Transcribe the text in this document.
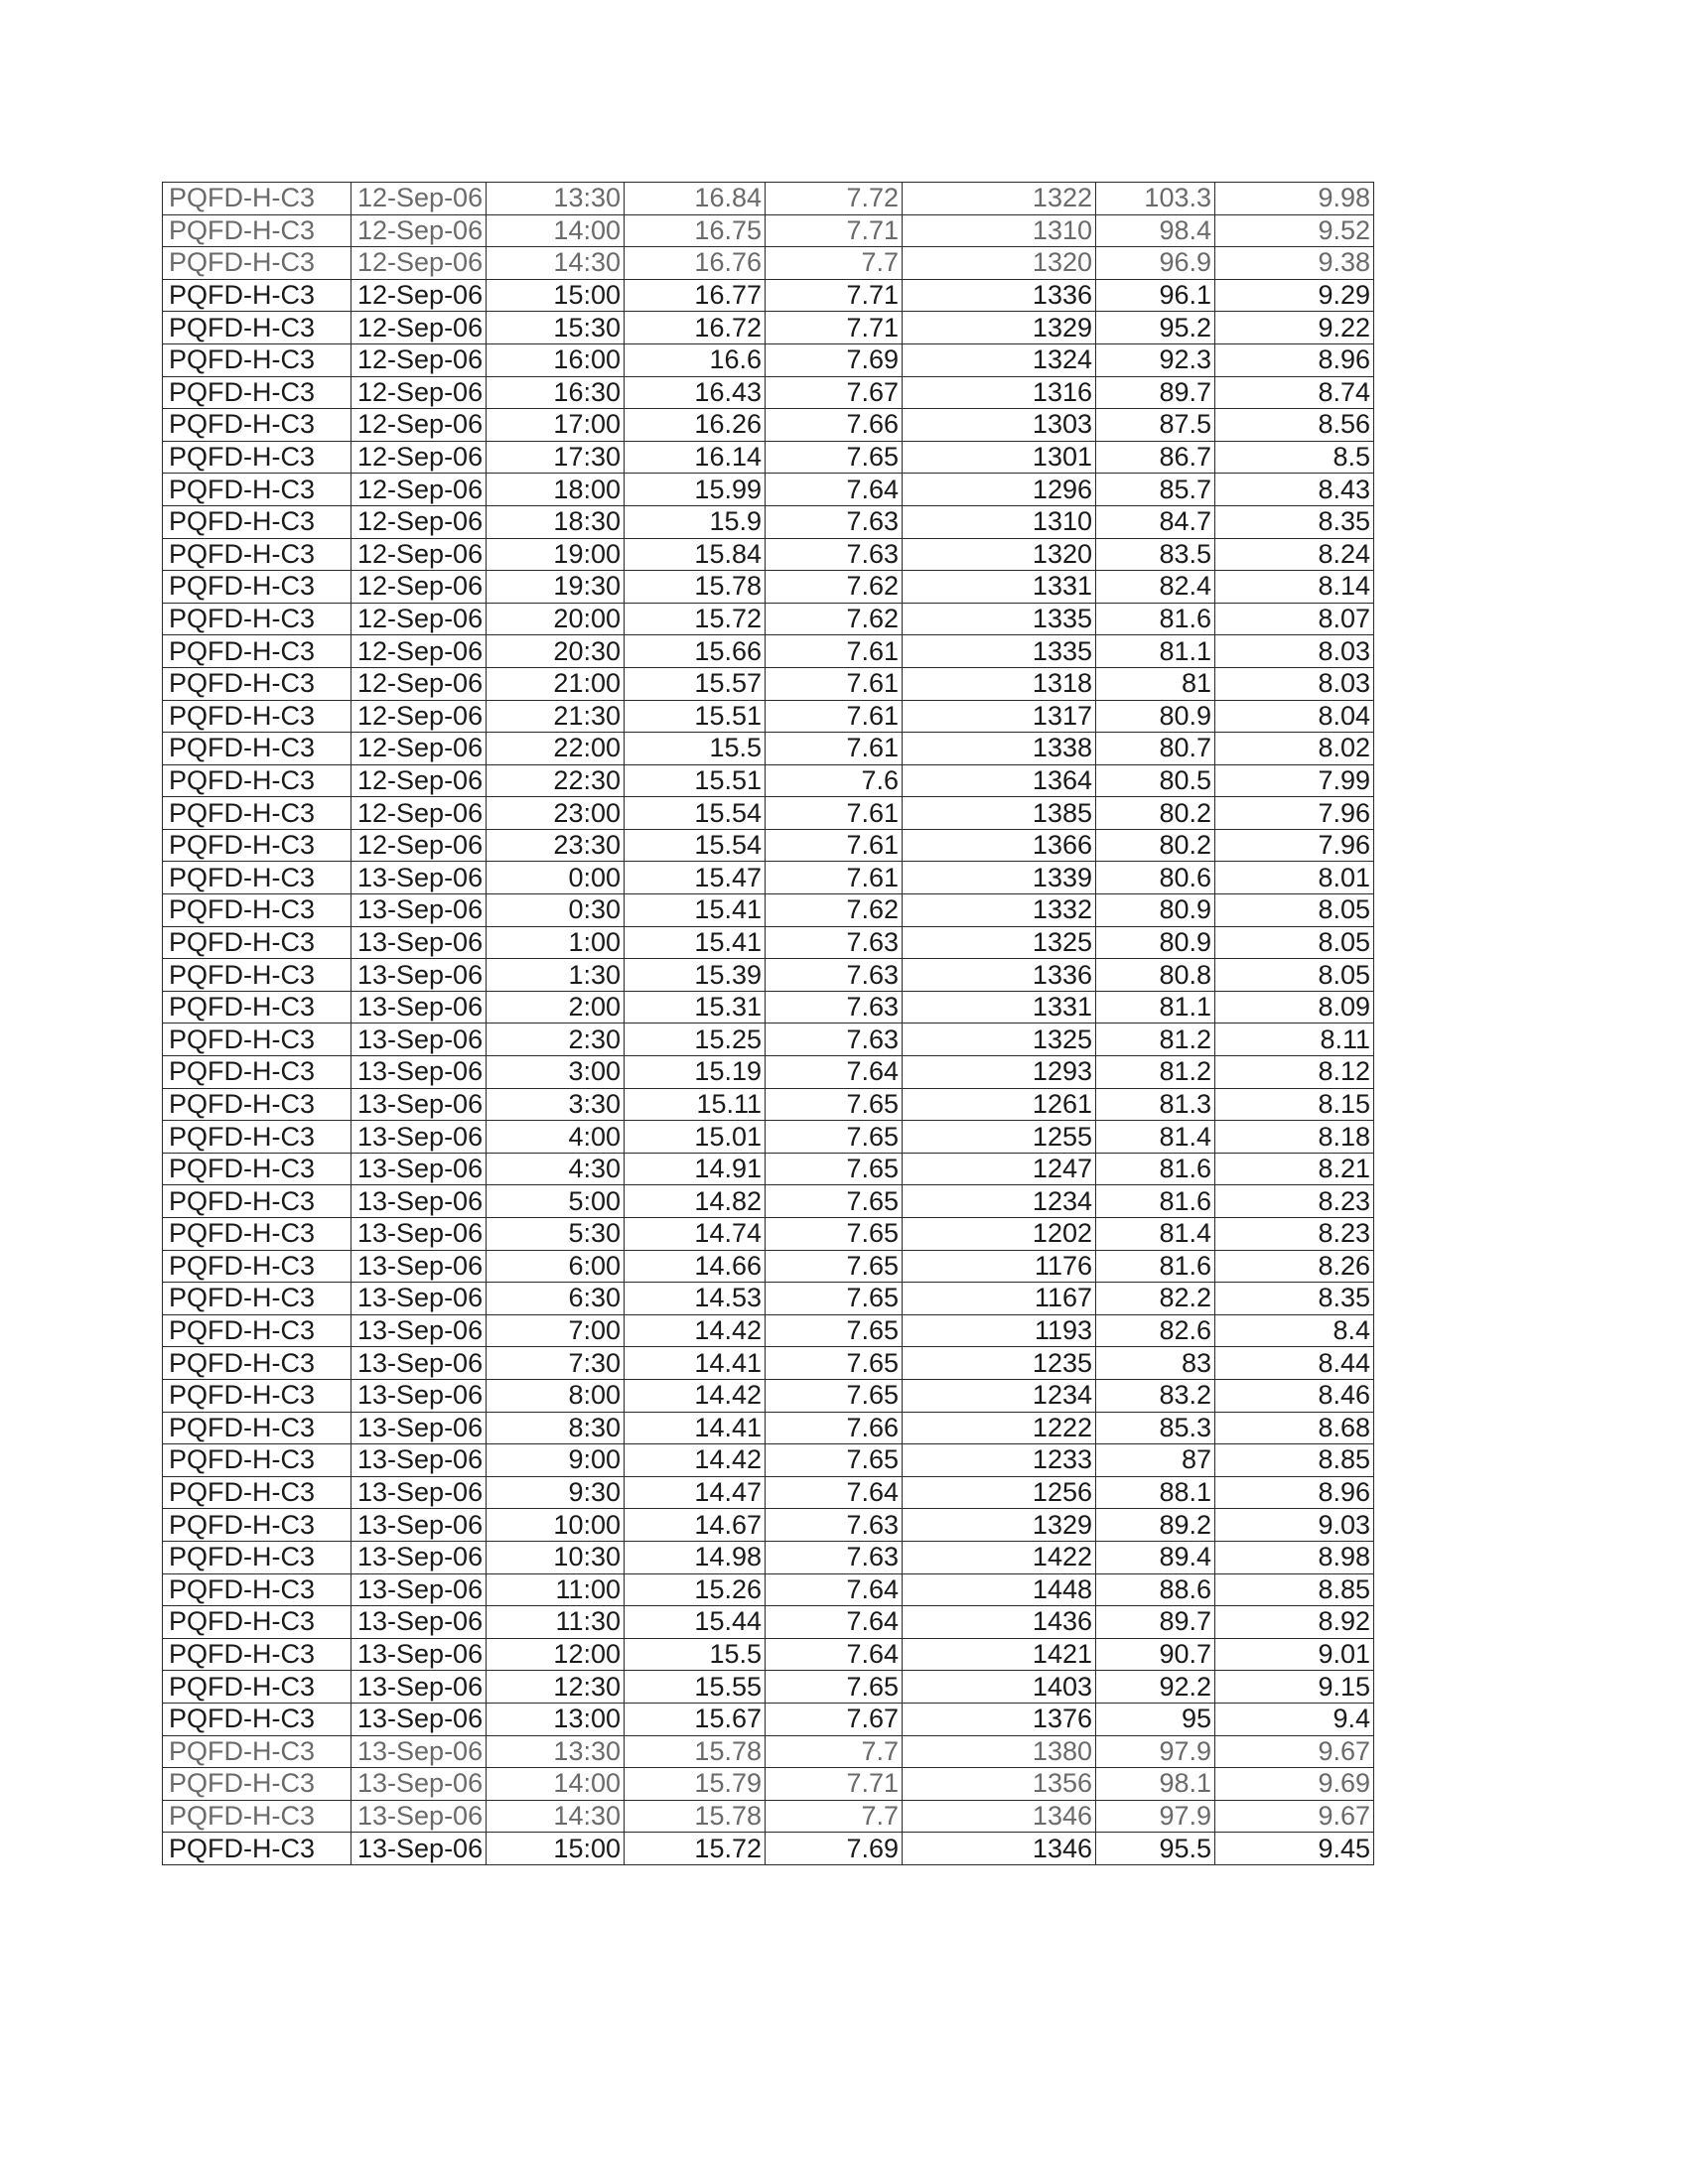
PQFD-H-C3	12-Sep-06	13:30	16.84	7.72	1322	103.3	9.98
PQFD-H-C3	12-Sep-06	14:00	16.75	7.71	1310	98.4	9.52
PQFD-H-C3	12-Sep-06	14:30	16.76	7.7	1320	96.9	9.38
PQFD-H-C3	12-Sep-06	15:00	16.77	7.71	1336	96.1	9.29
PQFD-H-C3	12-Sep-06	15:30	16.72	7.71	1329	95.2	9.22
PQFD-H-C3	12-Sep-06	16:00	16.6	7.69	1324	92.3	8.96
PQFD-H-C3	12-Sep-06	16:30	16.43	7.67	1316	89.7	8.74
PQFD-H-C3	12-Sep-06	17:00	16.26	7.66	1303	87.5	8.56
PQFD-H-C3	12-Sep-06	17:30	16.14	7.65	1301	86.7	8.5
PQFD-H-C3	12-Sep-06	18:00	15.99	7.64	1296	85.7	8.43
PQFD-H-C3	12-Sep-06	18:30	15.9	7.63	1310	84.7	8.35
PQFD-H-C3	12-Sep-06	19:00	15.84	7.63	1320	83.5	8.24
PQFD-H-C3	12-Sep-06	19:30	15.78	7.62	1331	82.4	8.14
PQFD-H-C3	12-Sep-06	20:00	15.72	7.62	1335	81.6	8.07
PQFD-H-C3	12-Sep-06	20:30	15.66	7.61	1335	81.1	8.03
PQFD-H-C3	12-Sep-06	21:00	15.57	7.61	1318	81	8.03
PQFD-H-C3	12-Sep-06	21:30	15.51	7.61	1317	80.9	8.04
PQFD-H-C3	12-Sep-06	22:00	15.5	7.61	1338	80.7	8.02
PQFD-H-C3	12-Sep-06	22:30	15.51	7.6	1364	80.5	7.99
PQFD-H-C3	12-Sep-06	23:00	15.54	7.61	1385	80.2	7.96
PQFD-H-C3	12-Sep-06	23:30	15.54	7.61	1366	80.2	7.96
PQFD-H-C3	13-Sep-06	0:00	15.47	7.61	1339	80.6	8.01
PQFD-H-C3	13-Sep-06	0:30	15.41	7.62	1332	80.9	8.05
PQFD-H-C3	13-Sep-06	1:00	15.41	7.63	1325	80.9	8.05
PQFD-H-C3	13-Sep-06	1:30	15.39	7.63	1336	80.8	8.05
PQFD-H-C3	13-Sep-06	2:00	15.31	7.63	1331	81.1	8.09
PQFD-H-C3	13-Sep-06	2:30	15.25	7.63	1325	81.2	8.11
PQFD-H-C3	13-Sep-06	3:00	15.19	7.64	1293	81.2	8.12
PQFD-H-C3	13-Sep-06	3:30	15.11	7.65	1261	81.3	8.15
PQFD-H-C3	13-Sep-06	4:00	15.01	7.65	1255	81.4	8.18
PQFD-H-C3	13-Sep-06	4:30	14.91	7.65	1247	81.6	8.21
PQFD-H-C3	13-Sep-06	5:00	14.82	7.65	1234	81.6	8.23
PQFD-H-C3	13-Sep-06	5:30	14.74	7.65	1202	81.4	8.23
PQFD-H-C3	13-Sep-06	6:00	14.66	7.65	1176	81.6	8.26
PQFD-H-C3	13-Sep-06	6:30	14.53	7.65	1167	82.2	8.35
PQFD-H-C3	13-Sep-06	7:00	14.42	7.65	1193	82.6	8.4
PQFD-H-C3	13-Sep-06	7:30	14.41	7.65	1235	83	8.44
PQFD-H-C3	13-Sep-06	8:00	14.42	7.65	1234	83.2	8.46
PQFD-H-C3	13-Sep-06	8:30	14.41	7.66	1222	85.3	8.68
PQFD-H-C3	13-Sep-06	9:00	14.42	7.65	1233	87	8.85
PQFD-H-C3	13-Sep-06	9:30	14.47	7.64	1256	88.1	8.96
PQFD-H-C3	13-Sep-06	10:00	14.67	7.63	1329	89.2	9.03
PQFD-H-C3	13-Sep-06	10:30	14.98	7.63	1422	89.4	8.98
PQFD-H-C3	13-Sep-06	11:00	15.26	7.64	1448	88.6	8.85
PQFD-H-C3	13-Sep-06	11:30	15.44	7.64	1436	89.7	8.92
PQFD-H-C3	13-Sep-06	12:00	15.5	7.64	1421	90.7	9.01
PQFD-H-C3	13-Sep-06	12:30	15.55	7.65	1403	92.2	9.15
PQFD-H-C3	13-Sep-06	13:00	15.67	7.67	1376	95	9.4
PQFD-H-C3	13-Sep-06	13:30	15.78	7.7	1380	97.9	9.67
PQFD-H-C3	13-Sep-06	14:00	15.79	7.71	1356	98.1	9.69
PQFD-H-C3	13-Sep-06	14:30	15.78	7.7	1346	97.9	9.67
PQFD-H-C3	13-Sep-06	15:00	15.72	7.69	1346	95.5	9.45
